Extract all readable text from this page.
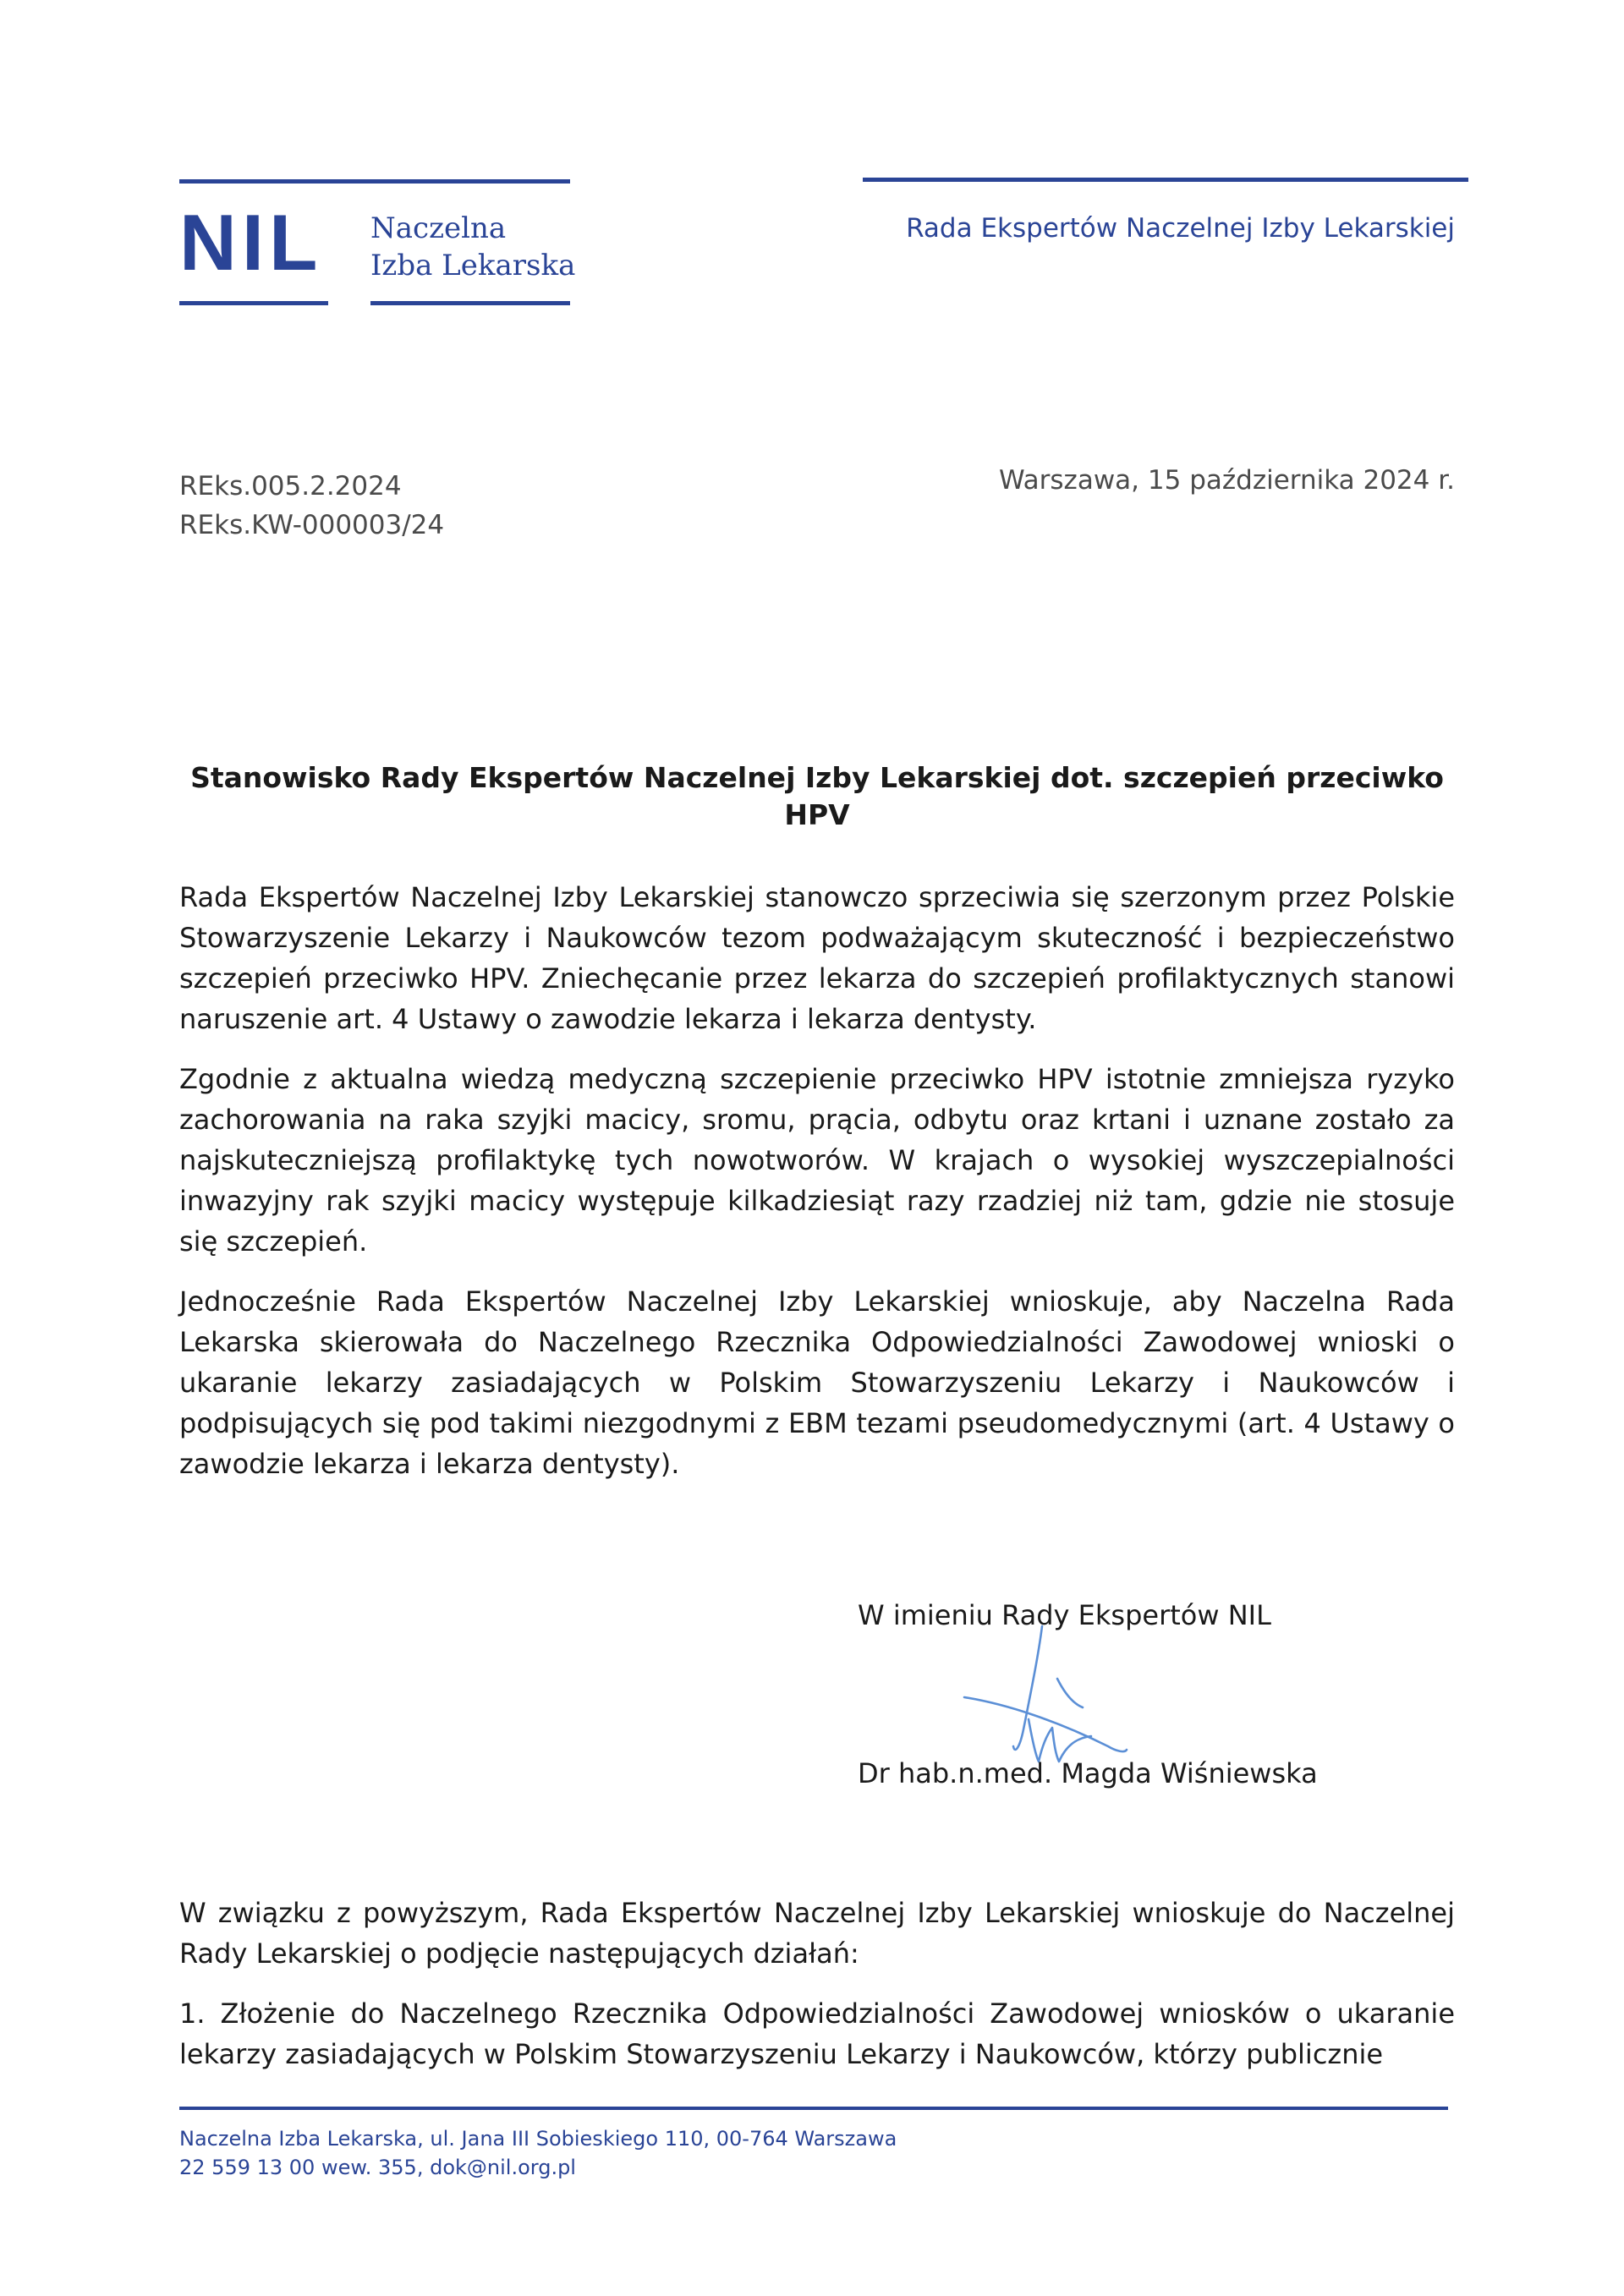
NIL Naczelna
Izba Lekarska
Rada Ekspertów Naczelnej Izby Lekarskiej
REks.005.2.2024
REks.KW-000003/24
Warszawa, 15 października 2024 r.
Stanowisko Rady Ekspertów Naczelnej Izby Lekarskiej dot. szczepień przeciwko HPV

Rada Ekspertów Naczelnej Izby Lekarskiej stanowczo sprzeciwia się szerzonym przez Polskie Stowarzyszenie Lekarzy i Naukowców tezom podważającym skuteczność i bezpieczeństwo szczepień przeciwko HPV. Zniechęcanie przez lekarza do szczepień profilaktycznych stanowi naruszenie art. 4 Ustawy o zawodzie lekarza i lekarza dentysty.

Zgodnie z aktualna wiedzą medyczną szczepienie przeciwko HPV istotnie zmniejsza ryzyko zachorowania na raka szyjki macicy, sromu, prącia, odbytu oraz krtani i uznane zostało za najskuteczniejszą profilaktykę tych nowotworów. W krajach o wysokiej wyszczepialności inwazyjny rak szyjki macicy występuje kilkadziesiąt razy rzadziej niż tam, gdzie nie stosuje się szczepień.

Jednocześnie Rada Ekspertów Naczelnej Izby Lekarskiej wnioskuje, aby Naczelna Rada Lekarska skierowała do Naczelnego Rzecznika Odpowiedzialności Zawodowej wnioski o ukaranie lekarzy zasiadających w Polskim Stowarzyszeniu Lekarzy i Naukowców i podpisujących się pod takimi niezgodnymi z EBM tezami pseudomedycznymi (art. 4 Ustawy o zawodzie lekarza i lekarza dentysty).

W imieniu Rady Ekspertów NIL
Dr hab.n.med. Magda Wiśniewska

W związku z powyższym, Rada Ekspertów Naczelnej Izby Lekarskiej wnioskuje do Naczelnej Rady Lekarskiej o podjęcie następujących działań:

1. Złożenie do Naczelnego Rzecznika Odpowiedzialności Zawodowej wniosków o ukaranie lekarzy zasiadających w Polskim Stowarzyszeniu Lekarzy i Naukowców, którzy publicznie

Naczelna Izba Lekarska, ul. Jana III Sobieskiego 110, 00-764 Warszawa
22 559 13 00 wew. 355, dok@nil.org.pl
